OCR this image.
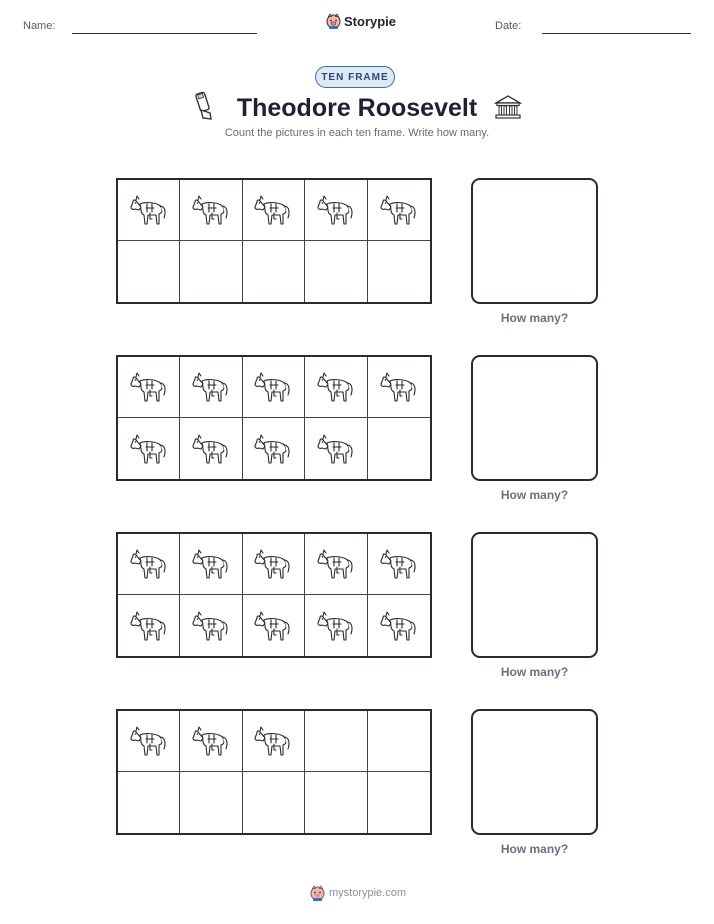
Name:	Storypie	Date:
TEN FRAME
Theodore Roosevelt
Count the pictures in each ten frame. Write how many.
How many?
How many?
How many?
How many?
mystorypie.com
